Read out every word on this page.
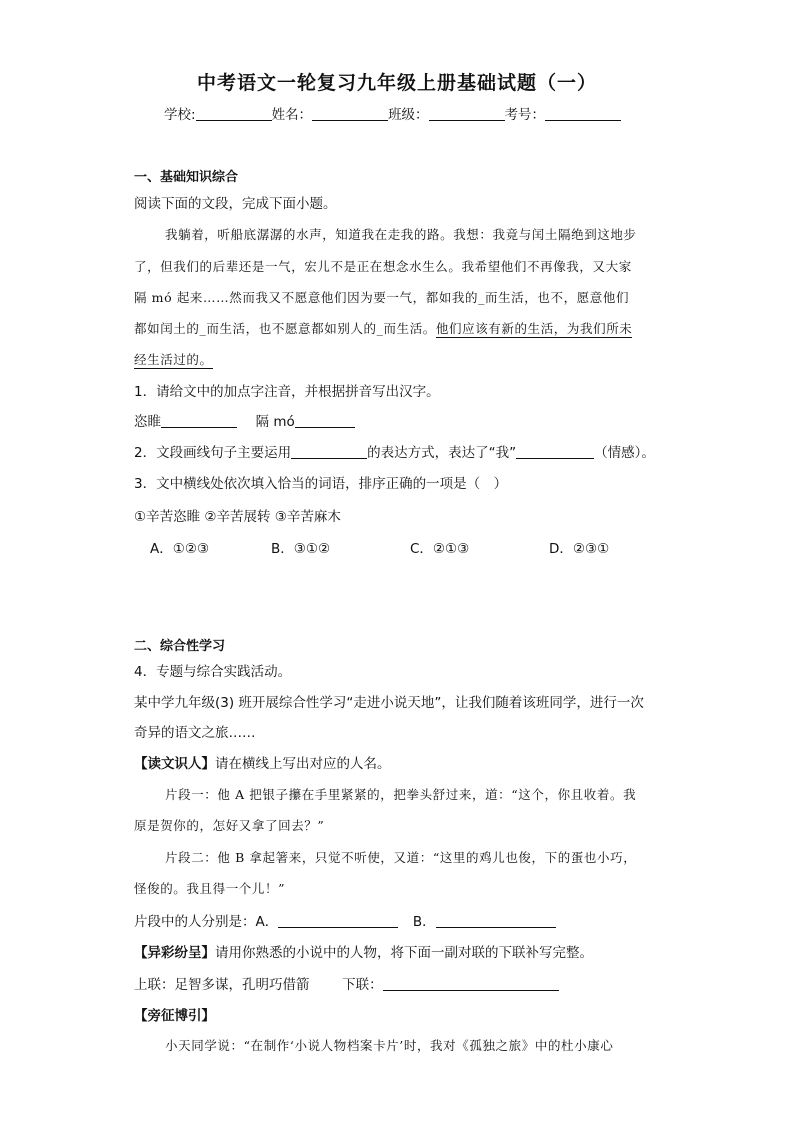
中考语文一轮复习九年级上册基础试题（一）
学校:	姓名：	班级：	考号：
一、基础知识综合
阅读下面的文段，完成下面小题。
我躺着，听船底潺潺的水声，知道我在走我的路。我想：我竟与闰土隔绝到这地步
了，但我们的后辈还是一气，宏儿不是正在想念水生么。我希望他们不再像我，又大家
隔 mó 起来……然而我又不愿意他们因为要一气，都如我的_而生活，也不，愿意他们
都如闰土的_而生活，也不愿意都如别人的_而生活。他们应该有新的生活，为我们所未
经生活过的。
1．请给文中的加点字注音，并根据拼音写出汉字。
恣睢	隔 mó
2．文段画线句子主要运用	的表达方式，表达了“我”	（情感）。
3．文中横线处依次填入恰当的词语，排序正确的一项是（　）
①辛苦恣睢 ②辛苦展转 ③辛苦麻木
A．①②③	B．③①②	C．②①③	D．②③①
二、综合性学习
4．专题与综合实践活动。
某中学九年级(3) 班开展综合性学习“走进小说天地”，让我们随着该班同学，进行一次
奇异的语文之旅……
【读文识人】请在横线上写出对应的人名。
片段一：他 A 把银子攥在手里紧紧的，把拳头舒过来，道：“这个，你且收着。我
原是贺你的，怎好又拿了回去？”
片段二：他 B 拿起箸来，只觉不听使，又道：“这里的鸡儿也俊，下的蛋也小巧，
怪俊的。我且得一个儿！”
片段中的人分别是：A．	B．
【异彩纷呈】请用你熟悉的小说中的人物，将下面一副对联的下联补写完整。
上联：足智多谋，孔明巧借箭 下联：
【旁征博引】
小天同学说：“在制作‘小说人物档案卡片’时，我对《孤独之旅》中的杜小康心
